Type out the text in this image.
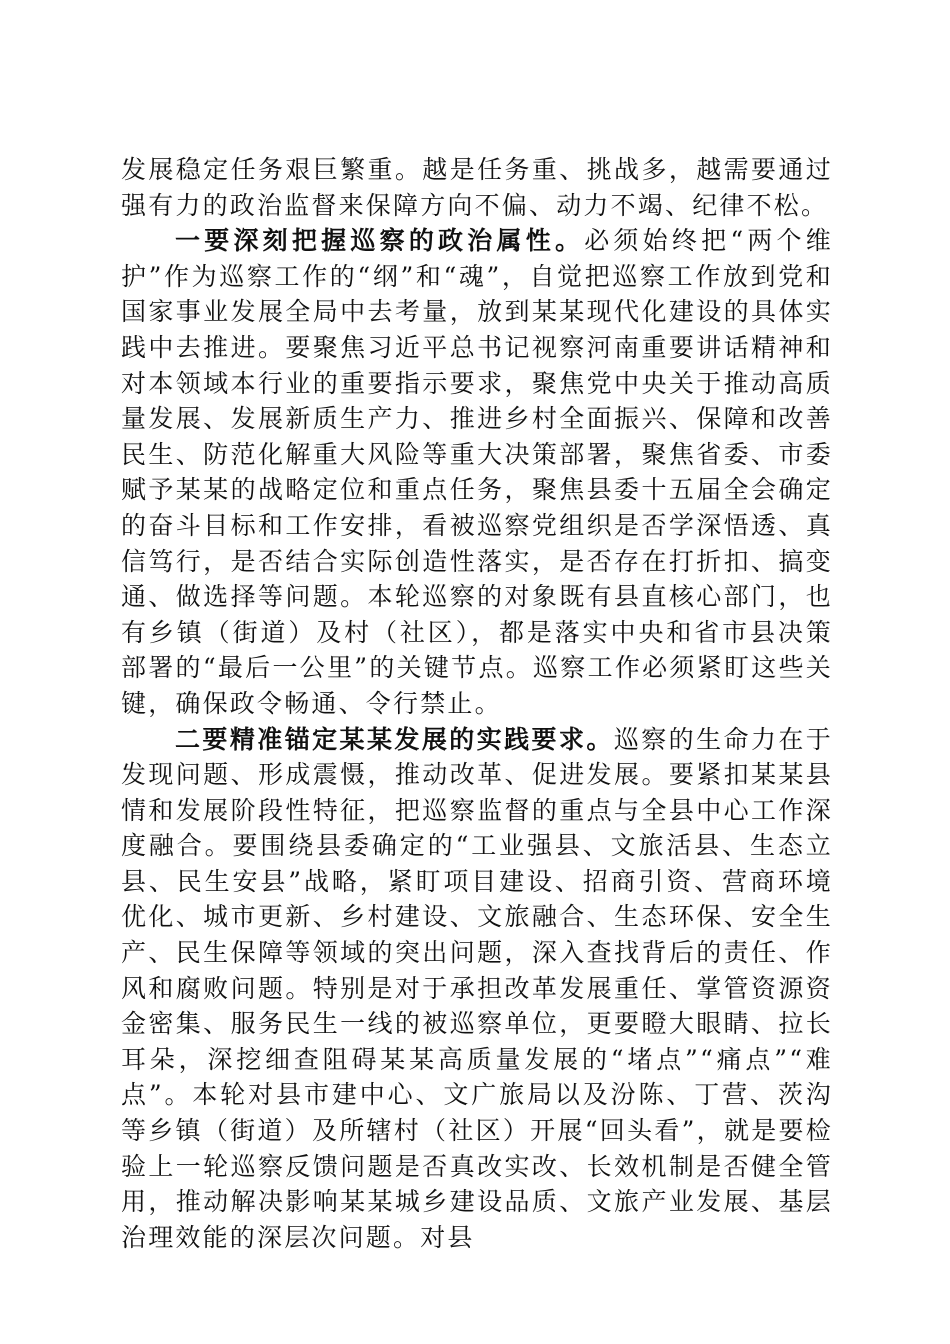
发展稳定任务艰巨繁重。越是任务重、挑战多，越需要通过强有力的政治监督来保障方向不偏、动力不竭、纪律不松。

一要深刻把握巡察的政治属性。必须始终把“两个维护”作为巡察工作的“纲”和“魂”，自觉把巡察工作放到党和国家事业发展全局中去考量，放到某某现代化建设的具体实践中去推进。要聚焦习近平总书记视察河南重要讲话精神和对本领域本行业的重要指示要求，聚焦党中央关于推动高质量发展、发展新质生产力、推进乡村全面振兴、保障和改善民生、防范化解重大风险等重大决策部署，聚焦省委、市委赋予某某的战略定位和重点任务，聚焦县委十五届全会确定的奋斗目标和工作安排，看被巡察党组织是否学深悟透、真信笃行，是否结合实际创造性落实，是否存在打折扣、搞变通、做选择等问题。本轮巡察的对象既有县直核心部门，也有乡镇（街道）及村（社区），都是落实中央和省市县决策部署的“最后一公里”的关键节点。巡察工作必须紧盯这些关键，确保政令畅通、令行禁止。

二要精准锚定某某发展的实践要求。巡察的生命力在于发现问题、形成震慑，推动改革、促进发展。要紧扣某某县情和发展阶段性特征，把巡察监督的重点与全县中心工作深度融合。要围绕县委确定的“工业强县、文旅活县、生态立县、民生安县”战略，紧盯项目建设、招商引资、营商环境优化、城市更新、乡村建设、文旅融合、生态环保、安全生产、民生保障等领域的突出问题，深入查找背后的责任、作风和腐败问题。特别是对于承担改革发展重任、掌管资源资金密集、服务民生一线的被巡察单位，更要瞪大眼睛、拉长耳朵，深挖细查阻碍某某高质量发展的“堵点”“痛点”“难点”。本轮对县市建中心、文广旅局以及汾陈、丁营、茨沟等乡镇（街道）及所辖村（社区）开展“回头看”，就是要检验上一轮巡察反馈问题是否真改实改、长效机制是否健全管用，推动解决影响某某城乡建设品质、文旅产业发展、基层治理效能的深层次问题。对县
